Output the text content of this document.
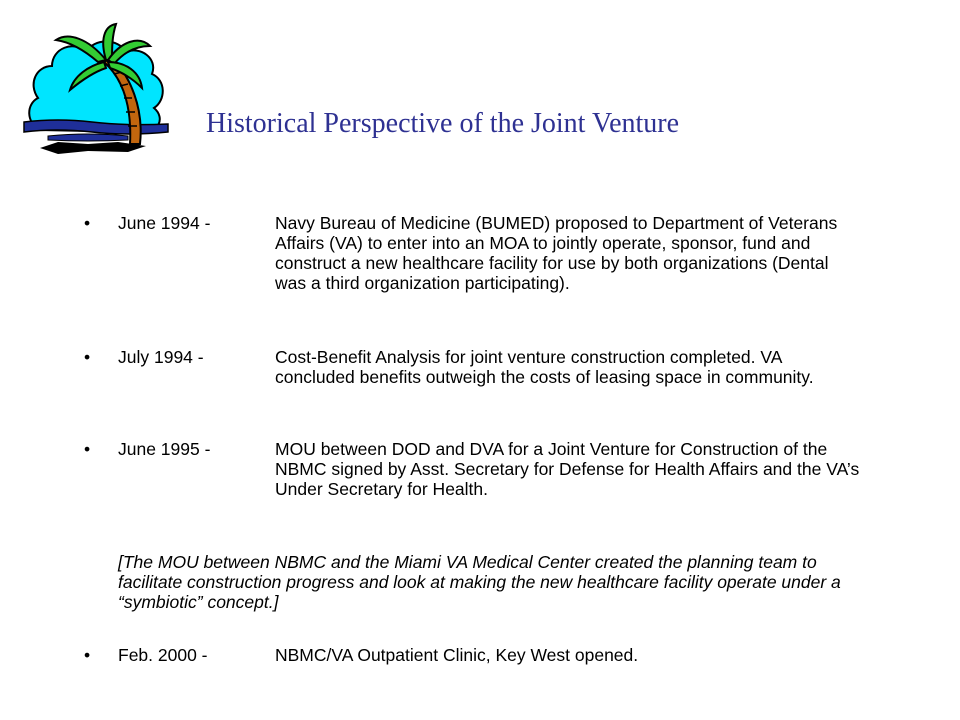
Historical Perspective of the Joint Venture
• June 1994 -	Navy Bureau of Medicine (BUMED) proposed to Department of Veterans Affairs (VA) to enter into an MOA to jointly operate, sponsor, fund and construct a new healthcare facility for use by both organizations (Dental was a third organization participating).
• July 1994 -	Cost-Benefit Analysis for joint venture construction completed. VA concluded benefits outweigh the costs of leasing space in community.
• June 1995 -	MOU between DOD and DVA for a Joint Venture for Construction of the NBMC signed by Asst. Secretary for Defense for Health Affairs and the VA’s Under Secretary for Health.
[The MOU between NBMC and the Miami VA Medical Center created the planning team to facilitate construction progress and look at making the new healthcare facility operate under a “symbiotic” concept.]
• Feb. 2000 -	NBMC/VA Outpatient Clinic, Key West opened.
